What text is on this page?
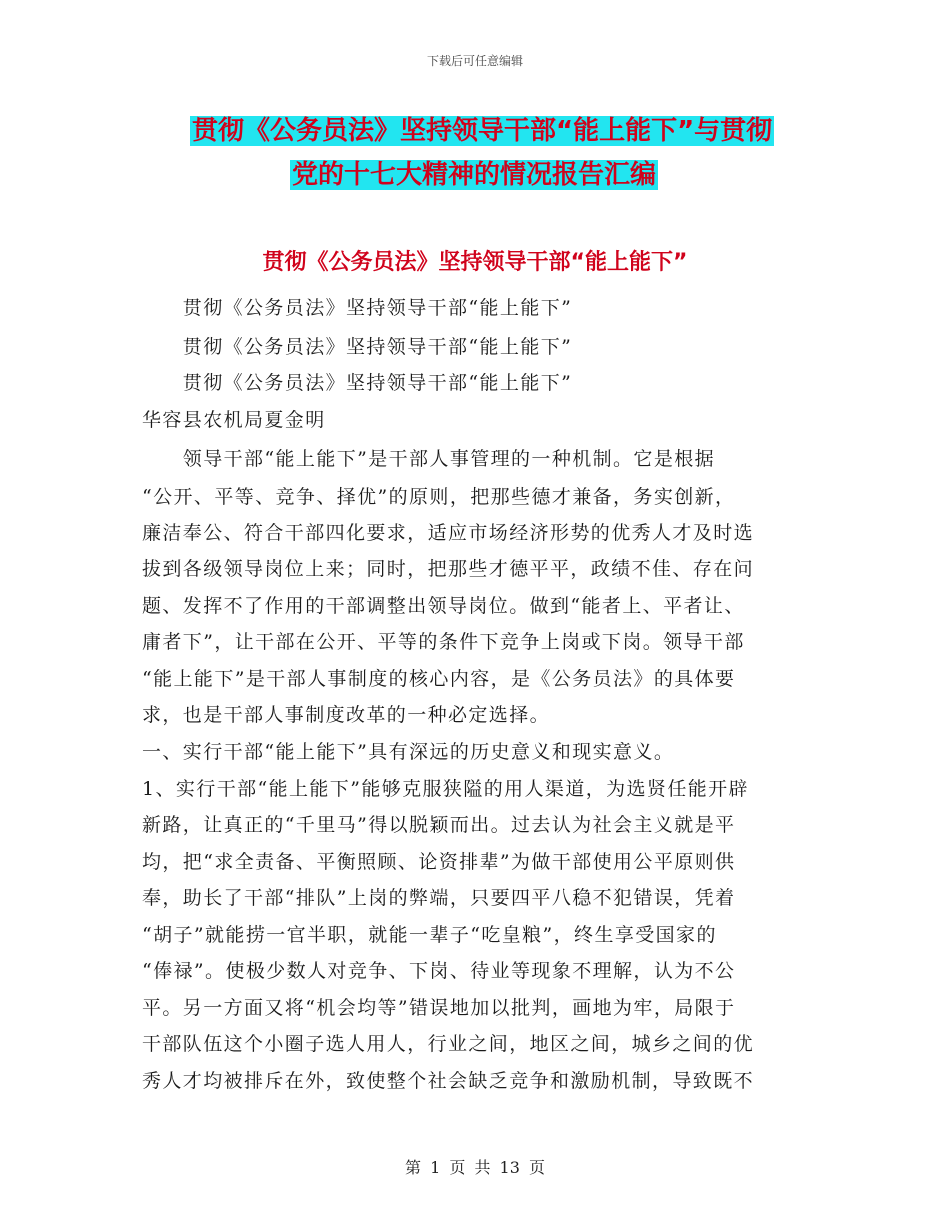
下载后可任意编辑
贯彻《公务员法》坚持领导干部“能上能下”与贯彻
党的十七大精神的情况报告汇编
贯彻《公务员法》坚持领导干部“能上能下”
　　贯彻《公务员法》坚持领导干部“能上能下”
　　贯彻《公务员法》坚持领导干部“能上能下”
　　贯彻《公务员法》坚持领导干部“能上能下”
华容县农机局夏金明
　　领导干部“能上能下”是干部人事管理的一种机制。它是根据
“公开、平等、竞争、择优”的原则，把那些德才兼备，务实创新，
廉洁奉公、符合干部四化要求，适应市场经济形势的优秀人才及时选
拔到各级领导岗位上来；同时，把那些才德平平，政绩不佳、存在问
题、发挥不了作用的干部调整出领导岗位。做到“能者上、平者让、
庸者下”，让干部在公开、平等的条件下竞争上岗或下岗。领导干部
“能上能下”是干部人事制度的核心内容，是《公务员法》的具体要
求，也是干部人事制度改革的一种必定选择。
一、实行干部“能上能下”具有深远的历史意义和现实意义。
1、实行干部“能上能下”能够克服狭隘的用人渠道，为选贤任能开辟
新路，让真正的“千里马”得以脱颖而出。过去认为社会主义就是平
均，把“求全责备、平衡照顾、论资排辈”为做干部使用公平原则供
奉，助长了干部“排队”上岗的弊端，只要四平八稳不犯错误，凭着
“胡子”就能捞一官半职，就能一辈子“吃皇粮”，终生享受国家的
“俸禄”。使极少数人对竞争、下岗、待业等现象不理解，认为不公
平。另一方面又将“机会均等”错误地加以批判，画地为牢，局限于
干部队伍这个小圈子选人用人，行业之间，地区之间，城乡之间的优
秀人才均被排斥在外，致使整个社会缺乏竞争和激励机制，导致既不
第 1 页 共 13 页
